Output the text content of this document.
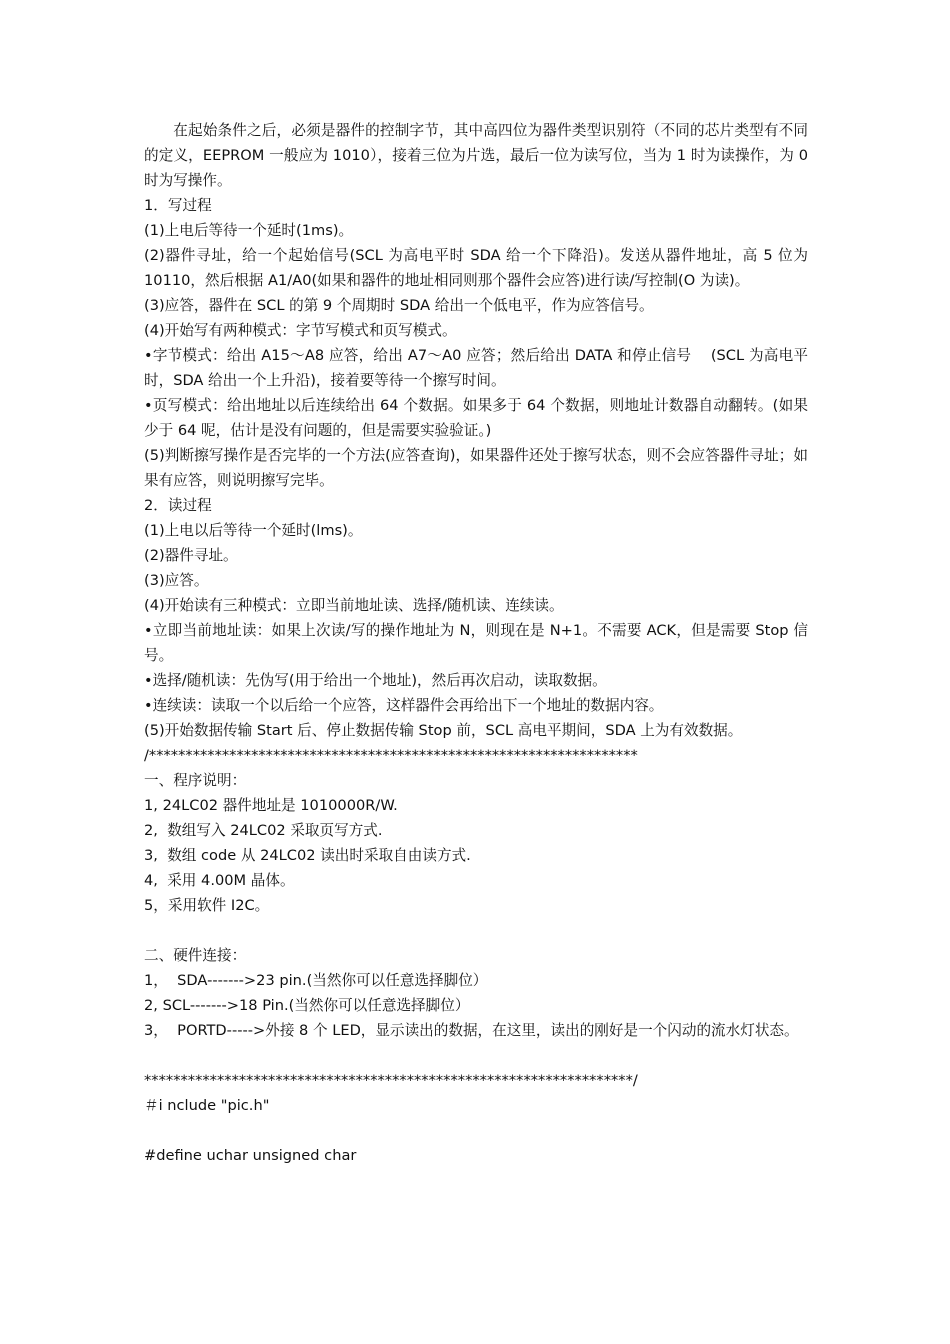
在起始条件之后，必须是器件的控制字节，其中高四位为器件类型识别符（不同的芯片类型有不同的定义，EEPROM 一般应为 1010），接着三位为片选，最后一位为读写位，当为 1 时为读操作，为 0 时为写操作。

1．写过程

(1)上电后等待一个延时(1ms)。

(2)器件寻址，给一个起始信号(SCL 为高电平时 SDA 给一个下降沿)。发送从器件地址，高 5 位为 10110，然后根据 A1/A0(如果和器件的地址相同则那个器件会应答)进行读/写控制(O 为读)。

(3)应答，器件在 SCL 的第 9 个周期时 SDA 给出一个低电平，作为应答信号。

(4)开始写有两种模式：字节写模式和页写模式。

•字节模式：给出 A15～A8 应答，给出 A7～A0 应答；然后给出 DATA 和停止信号　 (SCL 为高电平时，SDA 给出一个上升沿)，接着要等待一个擦写时间。

•页写模式：给出地址以后连续给出 64 个数据。如果多于 64 个数据，则地址计数器自动翻转。(如果少于 64 呢，估计是没有问题的，但是需要实验验证。)

(5)判断擦写操作是否完毕的一个方法(应答查询)，如果器件还处于擦写状态，则不会应答器件寻址；如果有应答，则说明擦写完毕。

2．读过程

(1)上电以后等待一个延时(lms)。

(2)器件寻址。

(3)应答。

(4)开始读有三种模式：立即当前地址读、选择/随机读、连续读。

•立即当前地址读：如果上次读/写的操作地址为 N，则现在是 N+1。不需要 ACK，但是需要 Stop 信号。

•选择/随机读：先伪写(用于给出一个地址)，然后再次启动，读取数据。

•连续读：读取一个以后给一个应答，这样器件会再给出下一个地址的数据内容。

(5)开始数据传输 Start 后、停止数据传输 Stop 前，SCL 高电平期间，SDA 上为有效数据。

/*******************************************************************

一、程序说明：

1, 24LC02 器件地址是 1010000R/W.

2,  数组写入 24LC02 采取页写方式.

3,  数组 code 从 24LC02 读出时采取自由读方式.

4,  采用 4.00M 晶体。

5，采用软件 I2C。

二、硬件连接：

1，  SDA------->23 pin.(当然你可以任意选择脚位）

2, SCL------->18 Pin.(当然你可以任意选择脚位）

3，  PORTD----->外接 8 个 LED，显示读出的数据，在这里，读出的刚好是一个闪动的流水灯状态。

*******************************************************************/

＃i nclude "pic.h"

#define uchar unsigned char
